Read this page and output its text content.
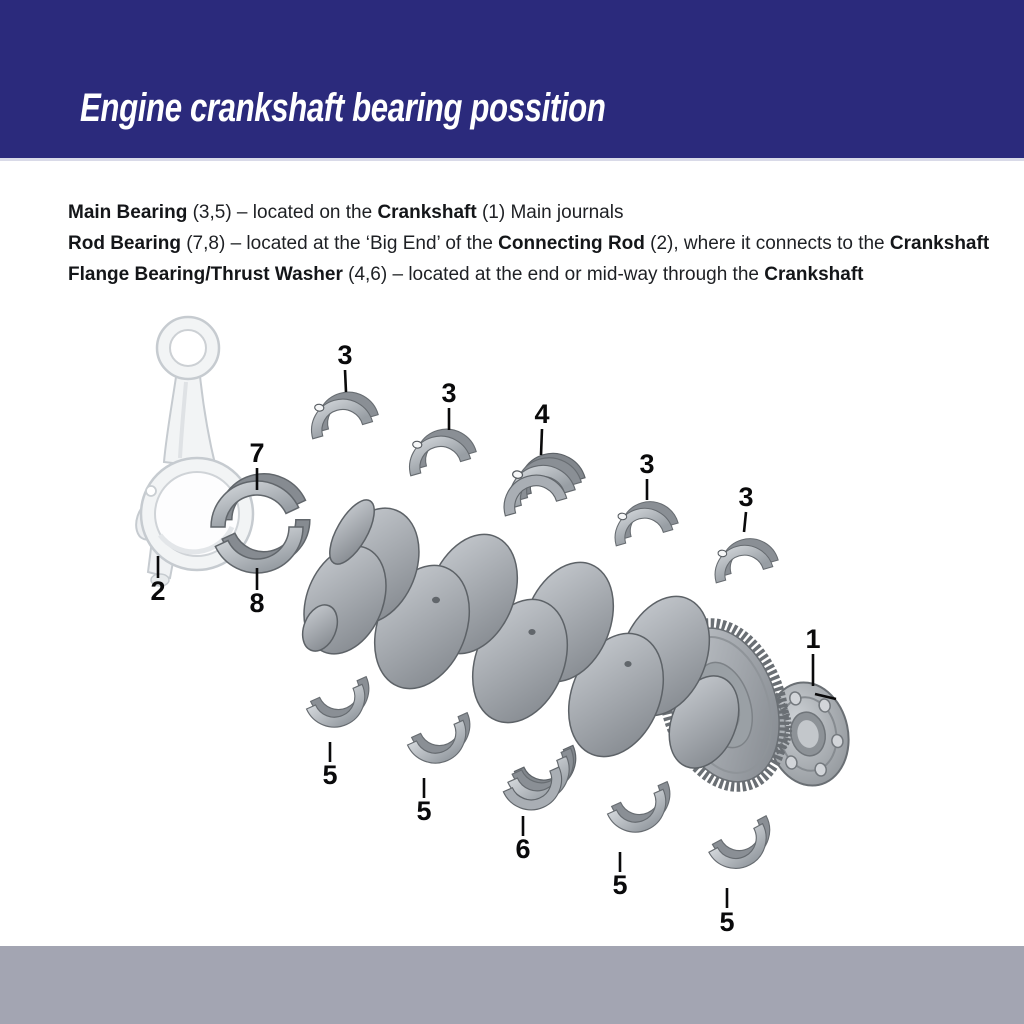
Engine crankshaft bearing possition

Main Bearing (3,5) – located on the Crankshaft (1) Main journals

Rod Bearing (7,8) – located at the ‘Big End’ of the Connecting Rod (2), where it connects to the Crankshaft

Flange Bearing/Thrust Washer (4,6) – located at the end or mid-way through the Crankshaft

3
3
4
3
3
7
2	8
1
5
5
6
5
5
